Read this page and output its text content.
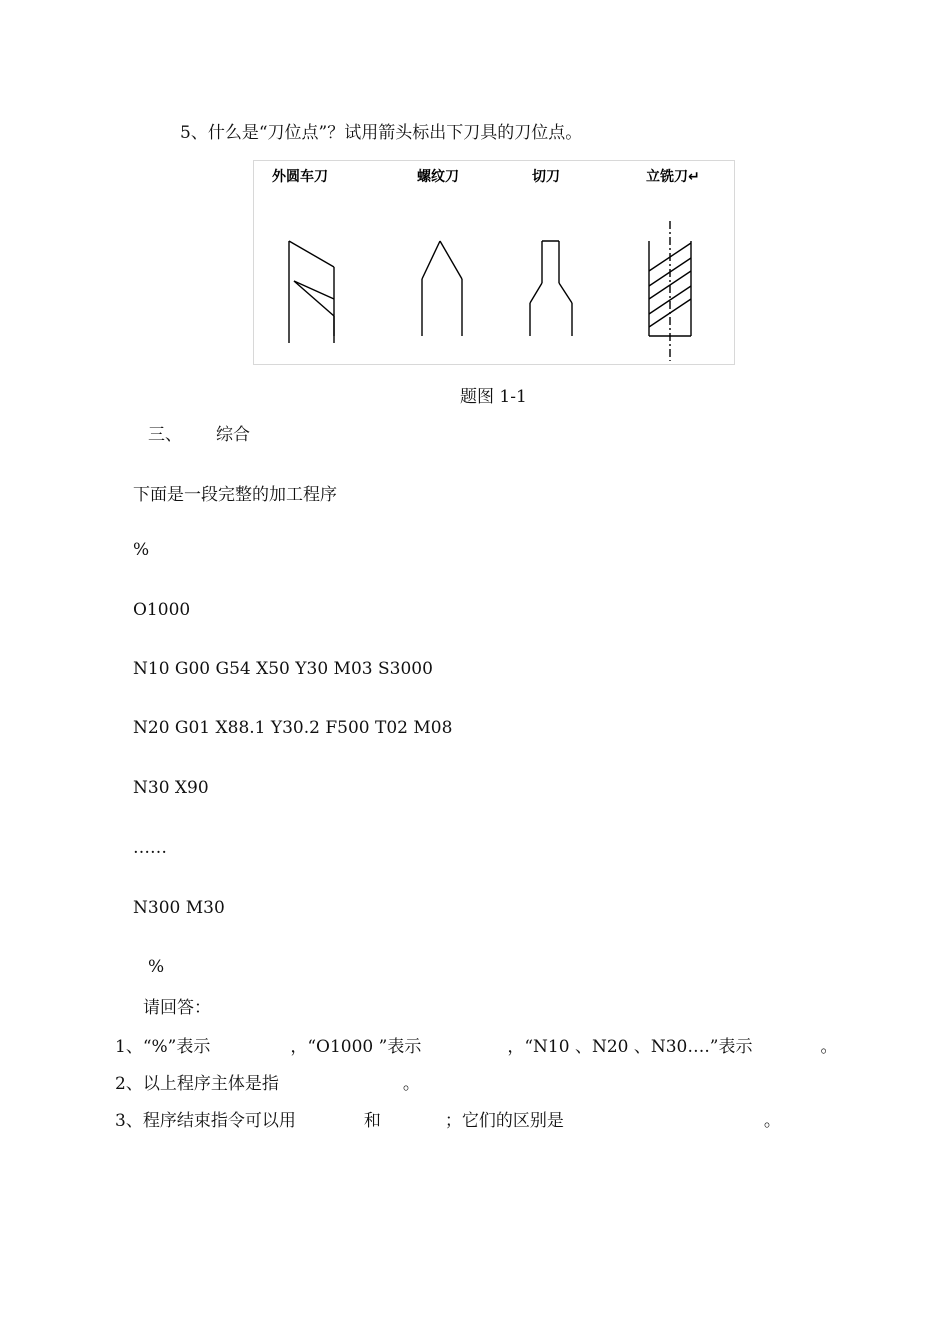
5、什么是“刀位点”？试用箭头标出下刀具的刀位点。
外圆车刀	螺纹刀	切刀	立铣刀↵
题图 1-1
三、 综合
下面是一段完整的加工程序
%
O1000
N10 G00 G54 X50 Y30 M03 S3000
N20 G01 X88.1 Y30.2 F500 T02 M08
N30 X90
……
N300 M30
%
请回答：
1、“%”表示	，“O1000 ”表示	，“N10 、N20 、N30….”表示	。
2、以上程序主体是指	。
3、程序结束指令可以用	和	；它们的区别是	。
